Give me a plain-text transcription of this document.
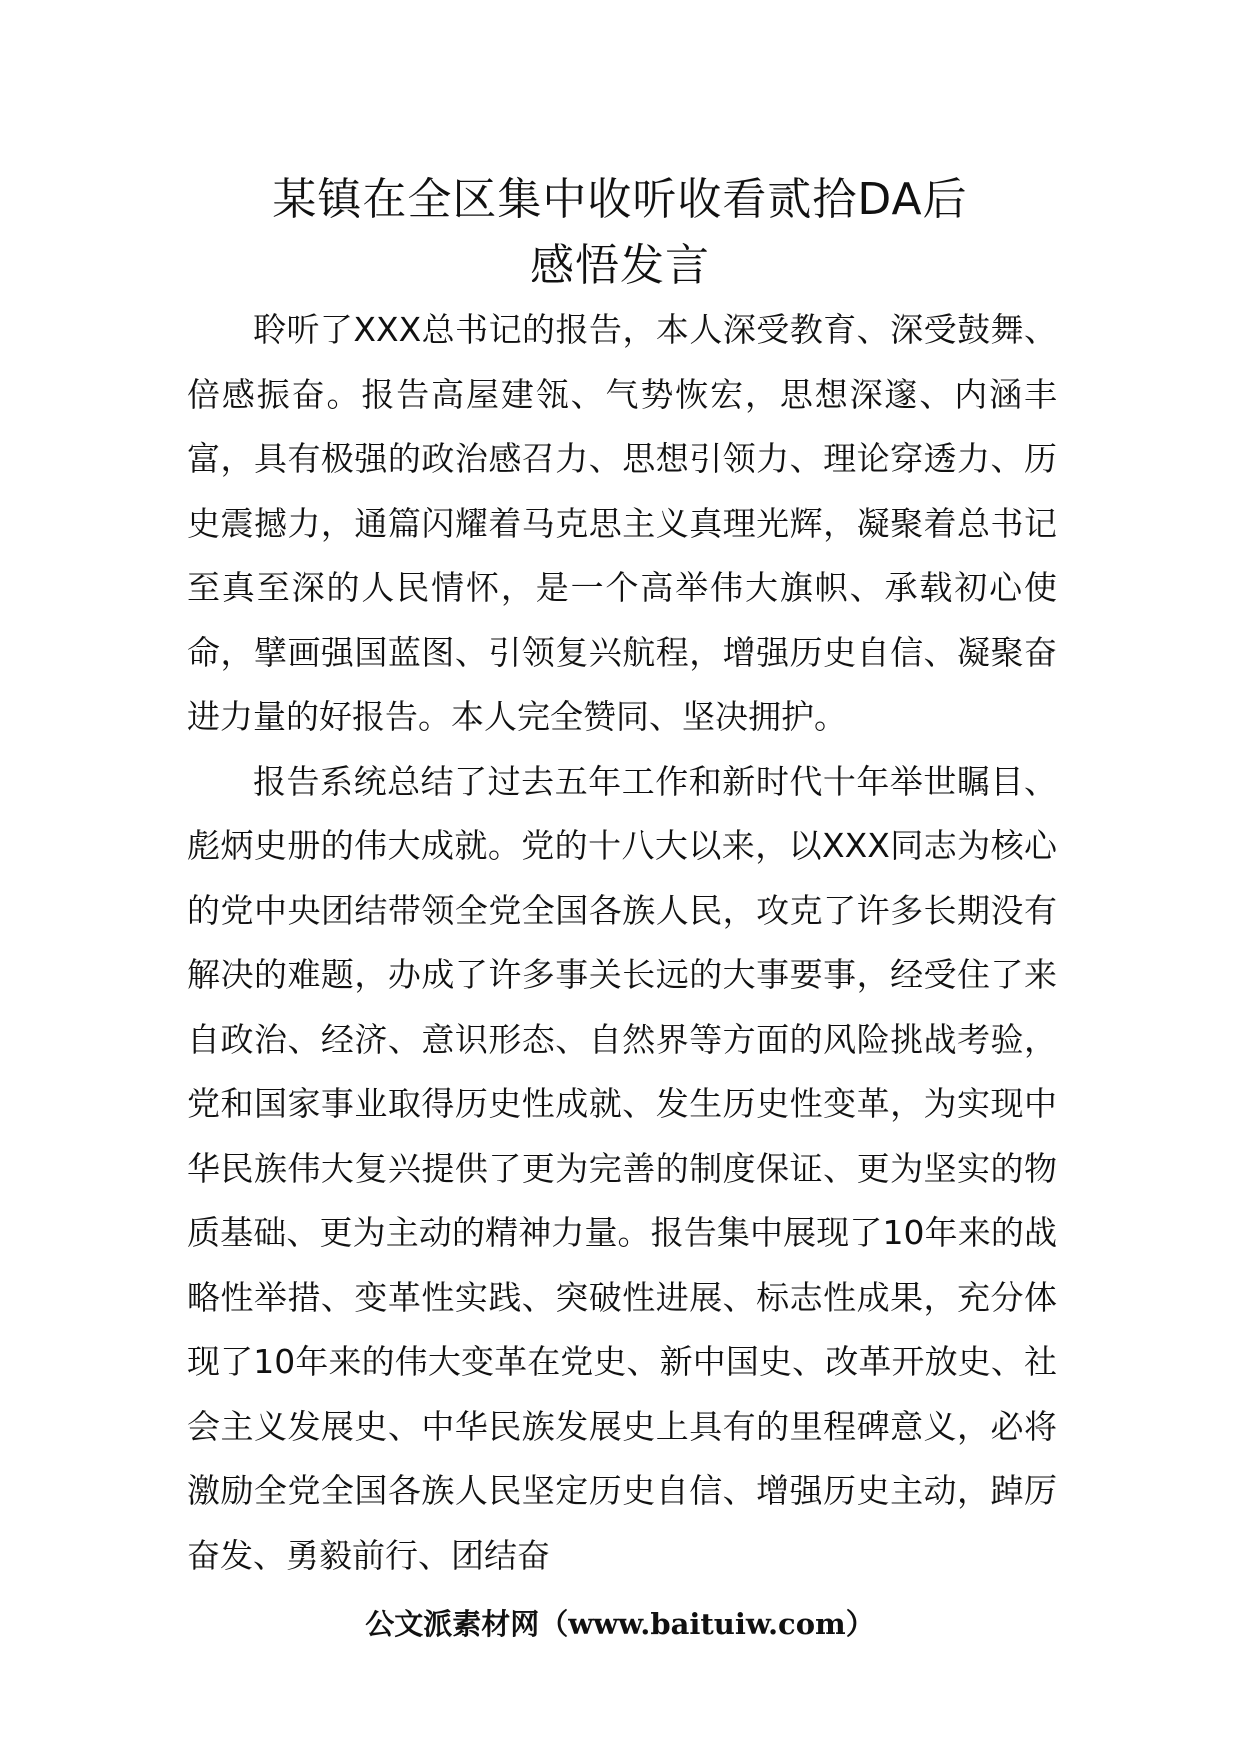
某镇在全区集中收听收看贰拾DA后
感悟发言

聆听了XXX总书记的报告，本人深受教育、深受鼓舞、倍感振奋。报告高屋建瓴、气势恢宏，思想深邃、内涵丰富，具有极强的政治感召力、思想引领力、理论穿透力、历史震撼力，通篇闪耀着马克思主义真理光辉，凝聚着总书记至真至深的人民情怀，是一个高举伟大旗帜、承载初心使命，擘画强国蓝图、引领复兴航程，增强历史自信、凝聚奋进力量的好报告。本人完全赞同、坚决拥护。

报告系统总结了过去五年工作和新时代十年举世瞩目、彪炳史册的伟大成就。党的十八大以来，以XXX同志为核心的党中央团结带领全党全国各族人民，攻克了许多长期没有解决的难题，办成了许多事关长远的大事要事，经受住了来自政治、经济、意识形态、自然界等方面的风险挑战考验，党和国家事业取得历史性成就、发生历史性变革，为实现中华民族伟大复兴提供了更为完善的制度保证、更为坚实的物质基础、更为主动的精神力量。报告集中展现了10年来的战略性举措、变革性实践、突破性进展、标志性成果，充分体现了10年来的伟大变革在党史、新中国史、改革开放史、社会主义发展史、中华民族发展史上具有的里程碑意义，必将激励全党全国各族人民坚定历史自信、增强历史主动，踔厉奋发、勇毅前行、团结奋

公文派素材网（www.baituiw.com）
